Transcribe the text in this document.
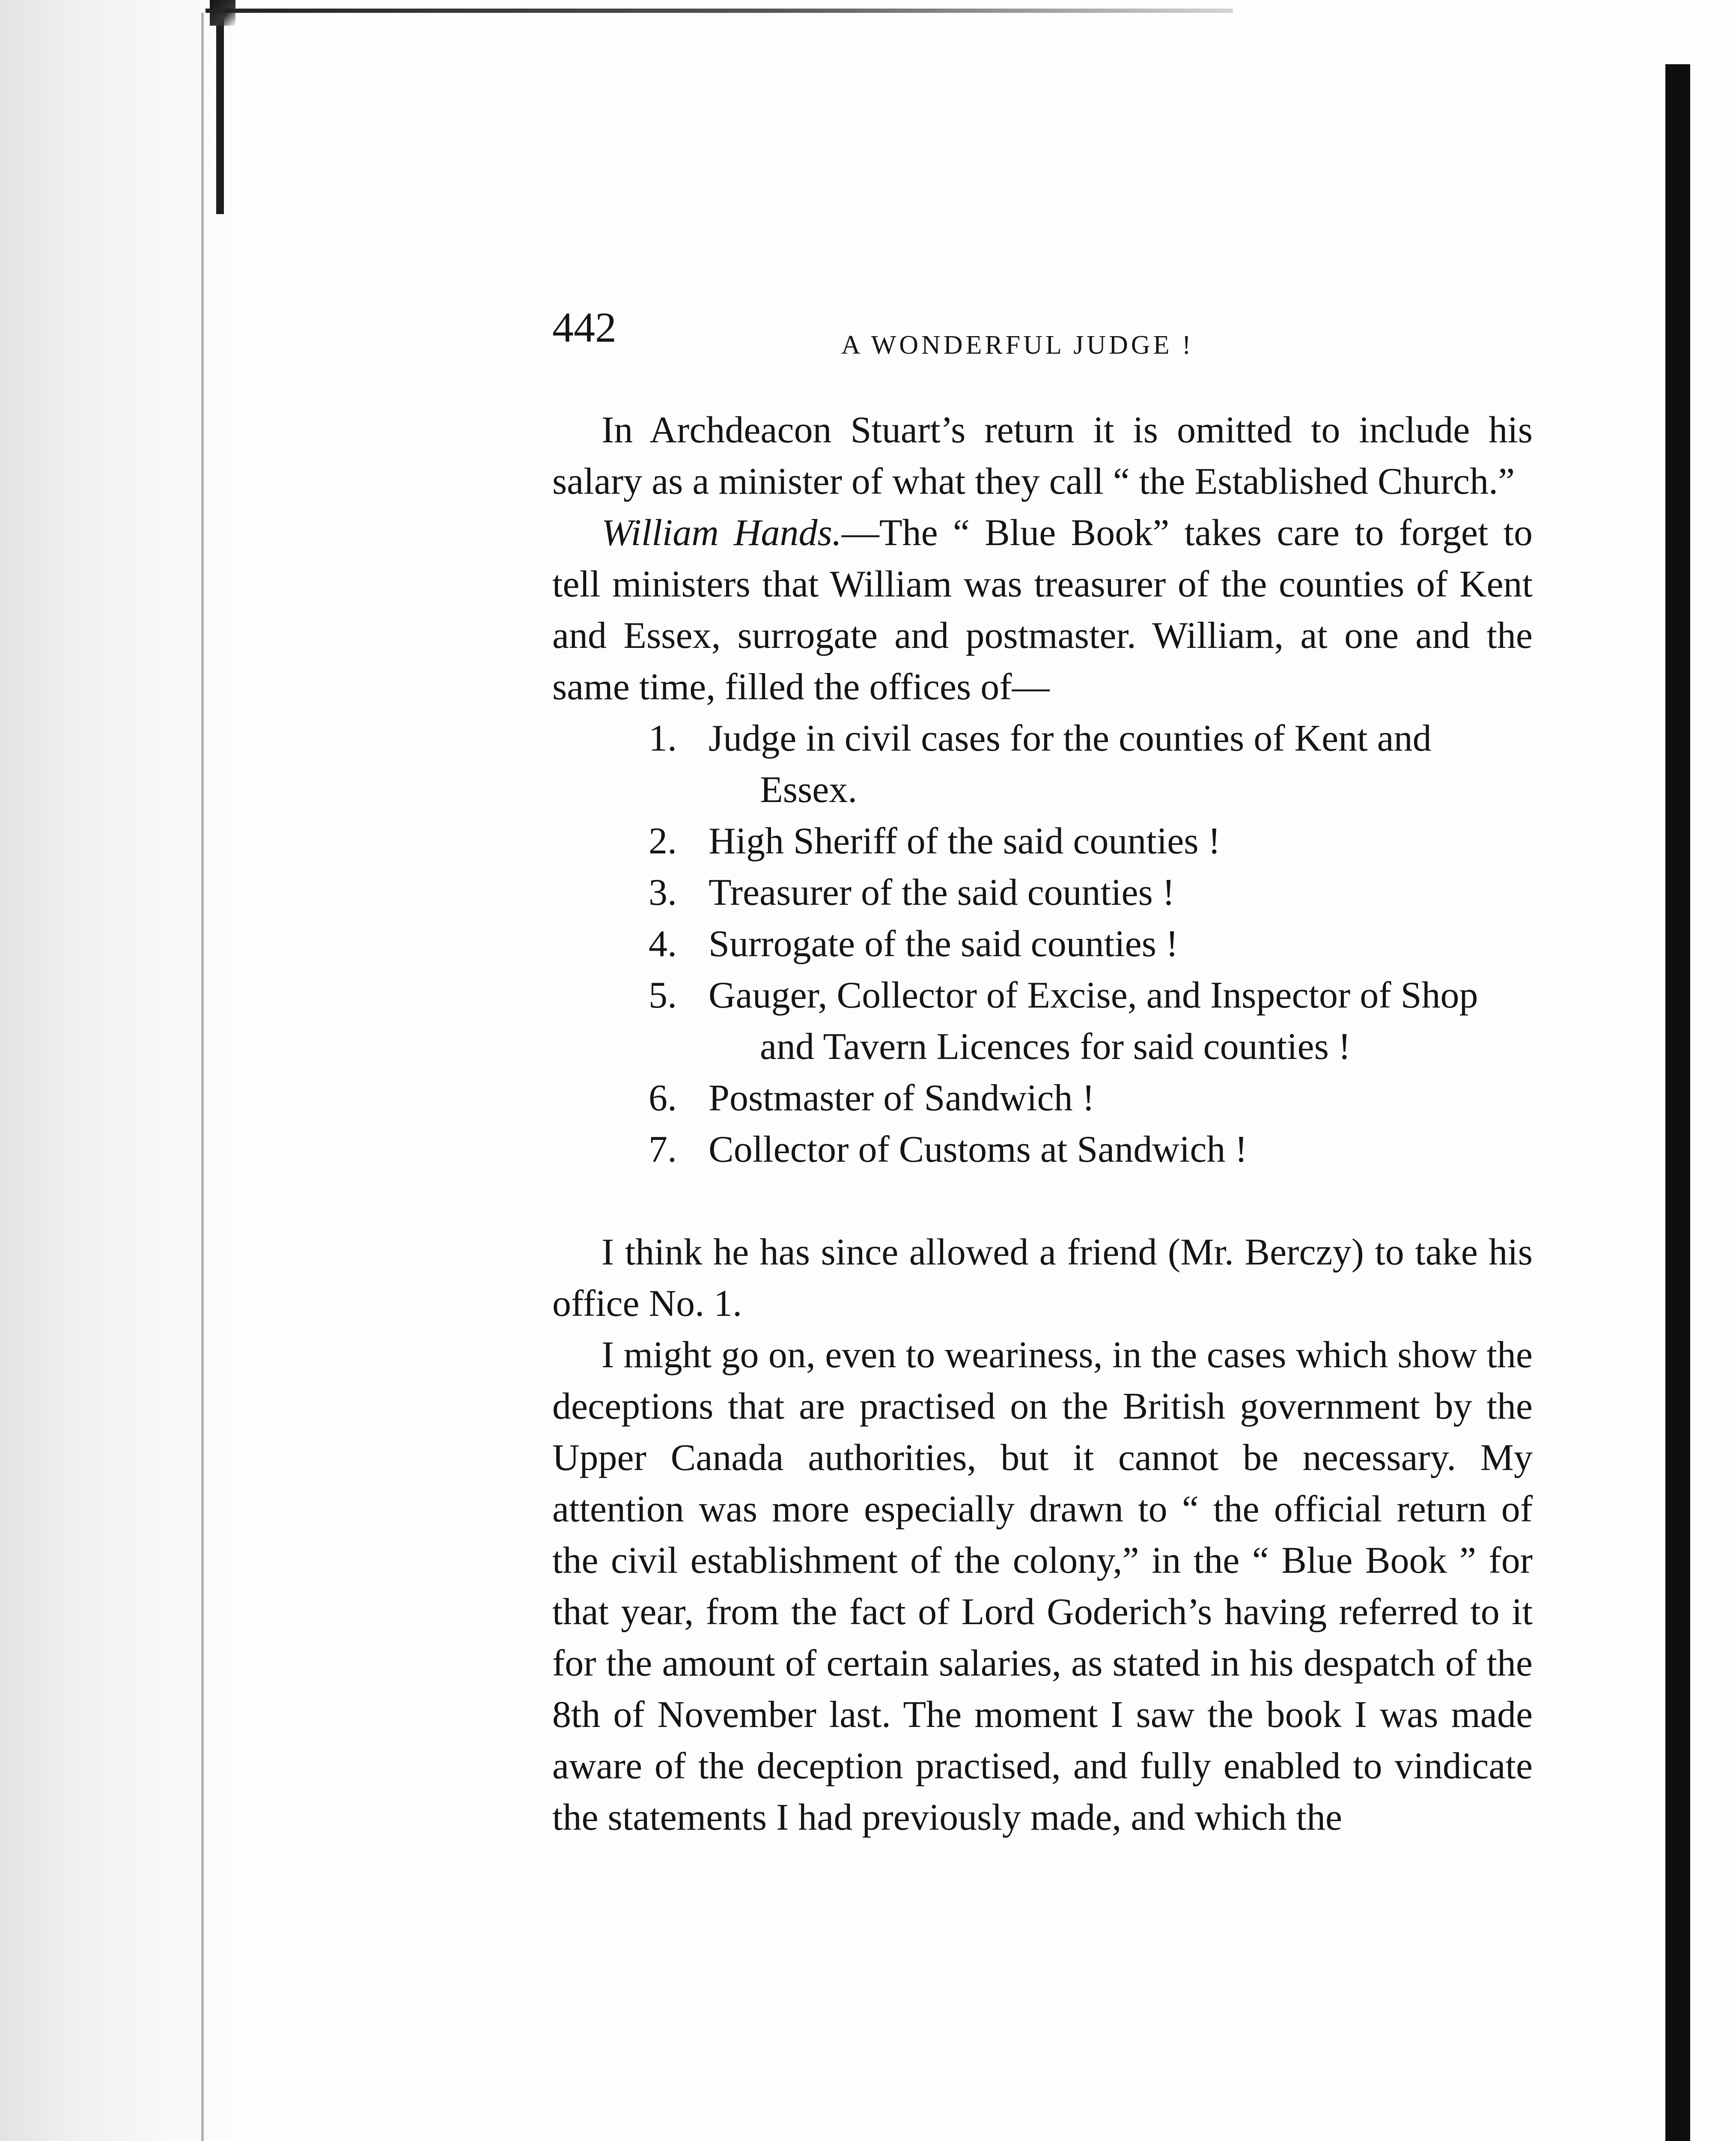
442	A WONDERFUL JUDGE !

In Archdeacon Stuart’s return it is omitted to include his salary as a minister of what they call “ the Established Church.”

William Hands.—The “ Blue Book” takes care to forget to tell ministers that William was treasurer of the counties of Kent and Essex, surrogate and postmaster. William, at one and the same time, filled the offices of—

1. Judge in civil cases for the counties of Kent and Essex.
2. High Sheriff of the said counties !
3. Treasurer of the said counties !
4. Surrogate of the said counties !
5. Gauger, Collector of Excise, and Inspector of Shop and Tavern Licences for said counties !
6. Postmaster of Sandwich !
7. Collector of Customs at Sandwich !

I think he has since allowed a friend (Mr. Berczy) to take his office No. 1.

I might go on, even to weariness, in the cases which show the deceptions that are practised on the British government by the Upper Canada authorities, but it cannot be necessary. My attention was more especially drawn to “ the official return of the civil establishment of the colony,” in the “ Blue Book ” for that year, from the fact of Lord Goderich’s having referred to it for the amount of certain salaries, as stated in his despatch of the 8th of November last. The moment I saw the book I was made aware of the deception practised, and fully enabled to vindicate the statements I had previously made, and which the
